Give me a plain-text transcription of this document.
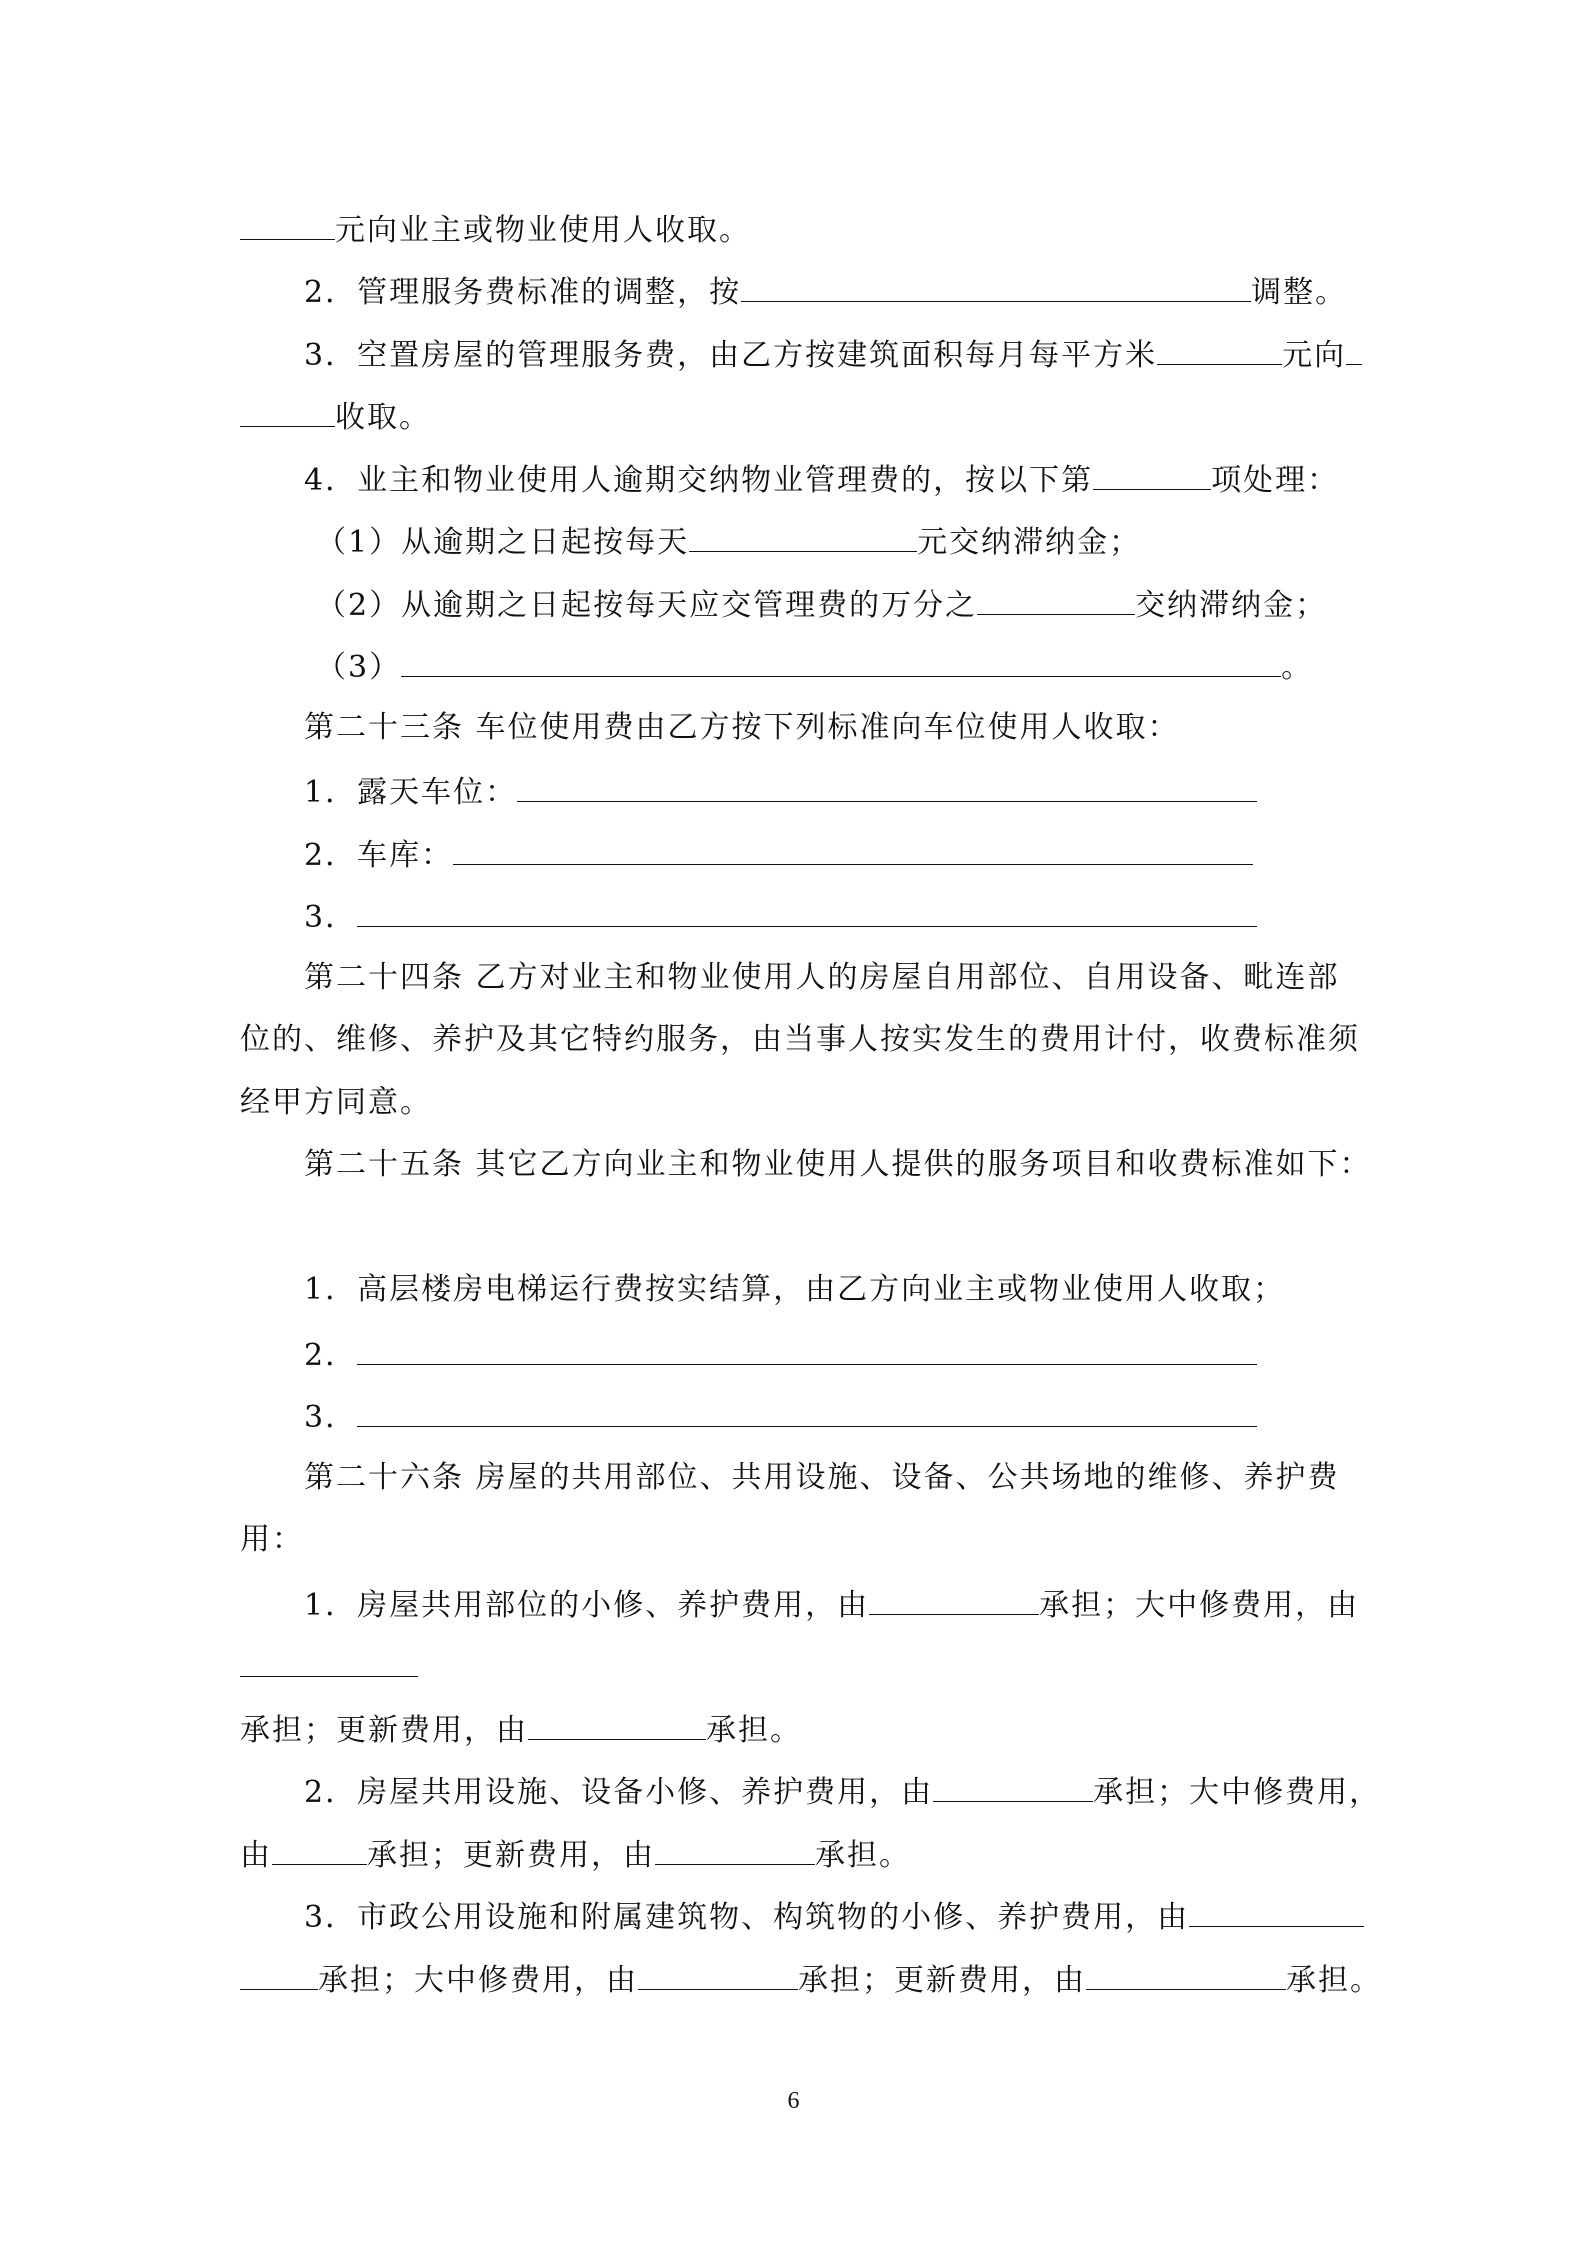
元向业主或物业使用人收取。
2．管理服务费标准的调整，按	调整。
3．空置房屋的管理服务费，由乙方按建筑面积每月每平方米	元向
收取。
4．业主和物业使用人逾期交纳物业管理费的，按以下第	项处理：
（1）从逾期之日起按每天	元交纳滞纳金；
（2）从逾期之日起按每天应交管理费的万分之	交纳滞纳金；
（3）	。
第二十三条 车位使用费由乙方按下列标准向车位使用人收取：
1．露天车位：
2．车库：
3．
第二十四条 乙方对业主和物业使用人的房屋自用部位、自用设备、毗连部
位的、维修、养护及其它特约服务，由当事人按实发生的费用计付，收费标准须
经甲方同意。
第二十五条 其它乙方向业主和物业使用人提供的服务项目和收费标准如下：
1．高层楼房电梯运行费按实结算，由乙方向业主或物业使用人收取；
2．
3．
第二十六条 房屋的共用部位、共用设施、设备、公共场地的维修、养护费
用：
1．房屋共用部位的小修、养护费用，由	承担；大中修费用，由
承担；更新费用，由	承担。
2．房屋共用设施、设备小修、养护费用，由	承担；大中修费用，
由	承担；更新费用，由	承担。
3．市政公用设施和附属建筑物、构筑物的小修、养护费用，由
承担；大中修费用，由	承担；更新费用，由	承担。
6
